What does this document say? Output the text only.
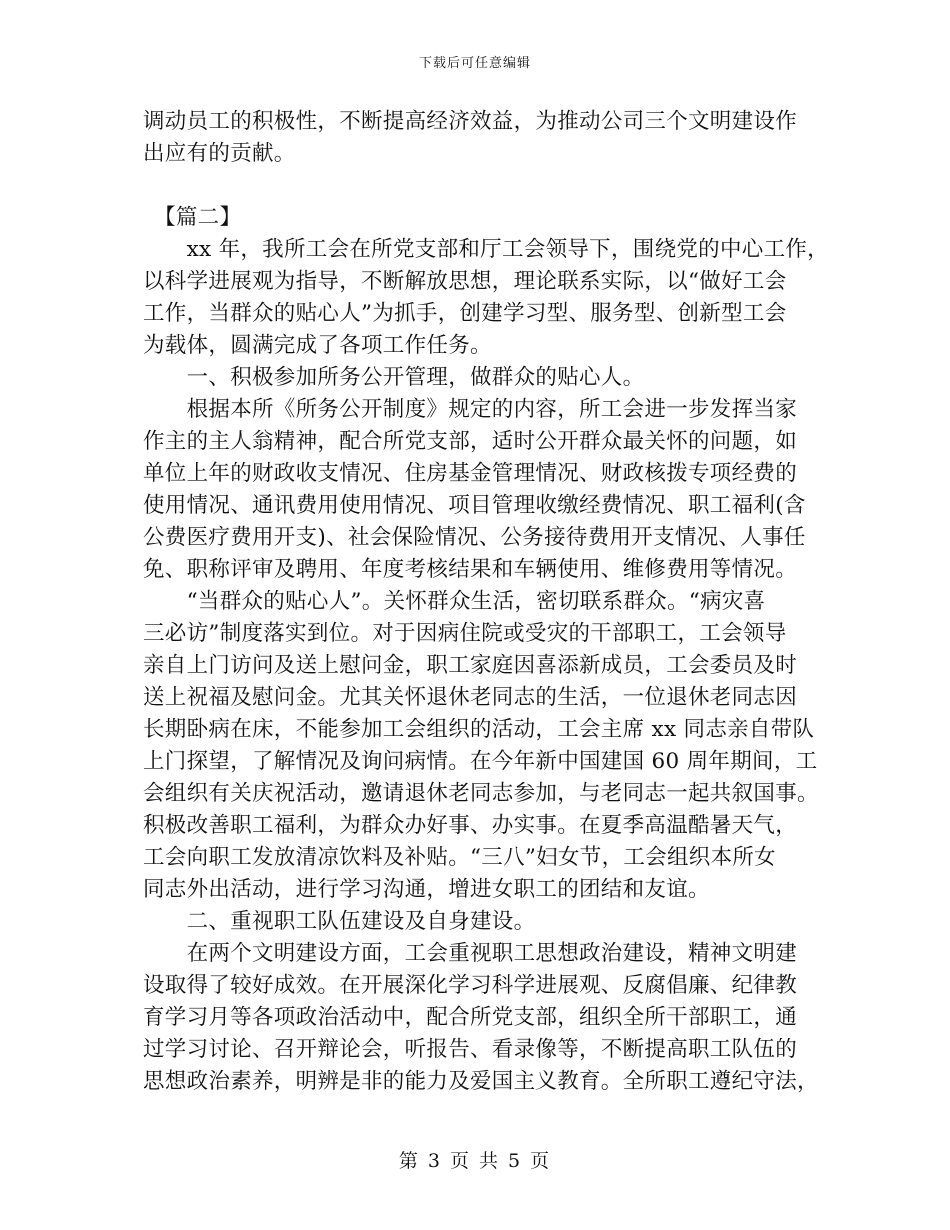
下载后可任意编辑
调动员工的积极性，不断提高经济效益，为推动公司三个文明建设作
出应有的贡献。
　【篇二】
　　xx 年，我所工会在所党支部和厅工会领导下，围绕党的中心工作，
以科学进展观为指导，不断解放思想，理论联系实际，以“做好工会
工作，当群众的贴心人”为抓手，创建学习型、服务型、创新型工会
为载体，圆满完成了各项工作任务。
　　一、积极参加所务公开管理，做群众的贴心人。
　　根据本所《所务公开制度》规定的内容，所工会进一步发挥当家
作主的主人翁精神，配合所党支部，适时公开群众最关怀的问题，如
单位上年的财政收支情况、住房基金管理情况、财政核拨专项经费的
使用情况、通讯费用使用情况、项目管理收缴经费情况、职工福利(含
公费医疗费用开支)、社会保险情况、公务接待费用开支情况、人事任
免、职称评审及聘用、年度考核结果和车辆使用、维修费用等情况。
　　“当群众的贴心人”。关怀群众生活，密切联系群众。“病灾喜
三必访”制度落实到位。对于因病住院或受灾的干部职工，工会领导
亲自上门访问及送上慰问金，职工家庭因喜添新成员，工会委员及时
送上祝福及慰问金。尤其关怀退休老同志的生活，一位退休老同志因
长期卧病在床，不能参加工会组织的活动，工会主席 xx 同志亲自带队
上门探望，了解情况及询问病情。在今年新中国建国 60 周年期间，工
会组织有关庆祝活动，邀请退休老同志参加，与老同志一起共叙国事。
积极改善职工福利，为群众办好事、办实事。在夏季高温酷暑天气，
工会向职工发放清凉饮料及补贴。“三八”妇女节，工会组织本所女
同志外出活动，进行学习沟通，增进女职工的团结和友谊。
　　二、重视职工队伍建设及自身建设。
　　在两个文明建设方面，工会重视职工思想政治建设，精神文明建
设取得了较好成效。在开展深化学习科学进展观、反腐倡廉、纪律教
育学习月等各项政治活动中，配合所党支部，组织全所干部职工，通
过学习讨论、召开辩论会，听报告、看录像等，不断提高职工队伍的
思想政治素养，明辨是非的能力及爱国主义教育。全所职工遵纪守法，
第 3 页 共 5 页
